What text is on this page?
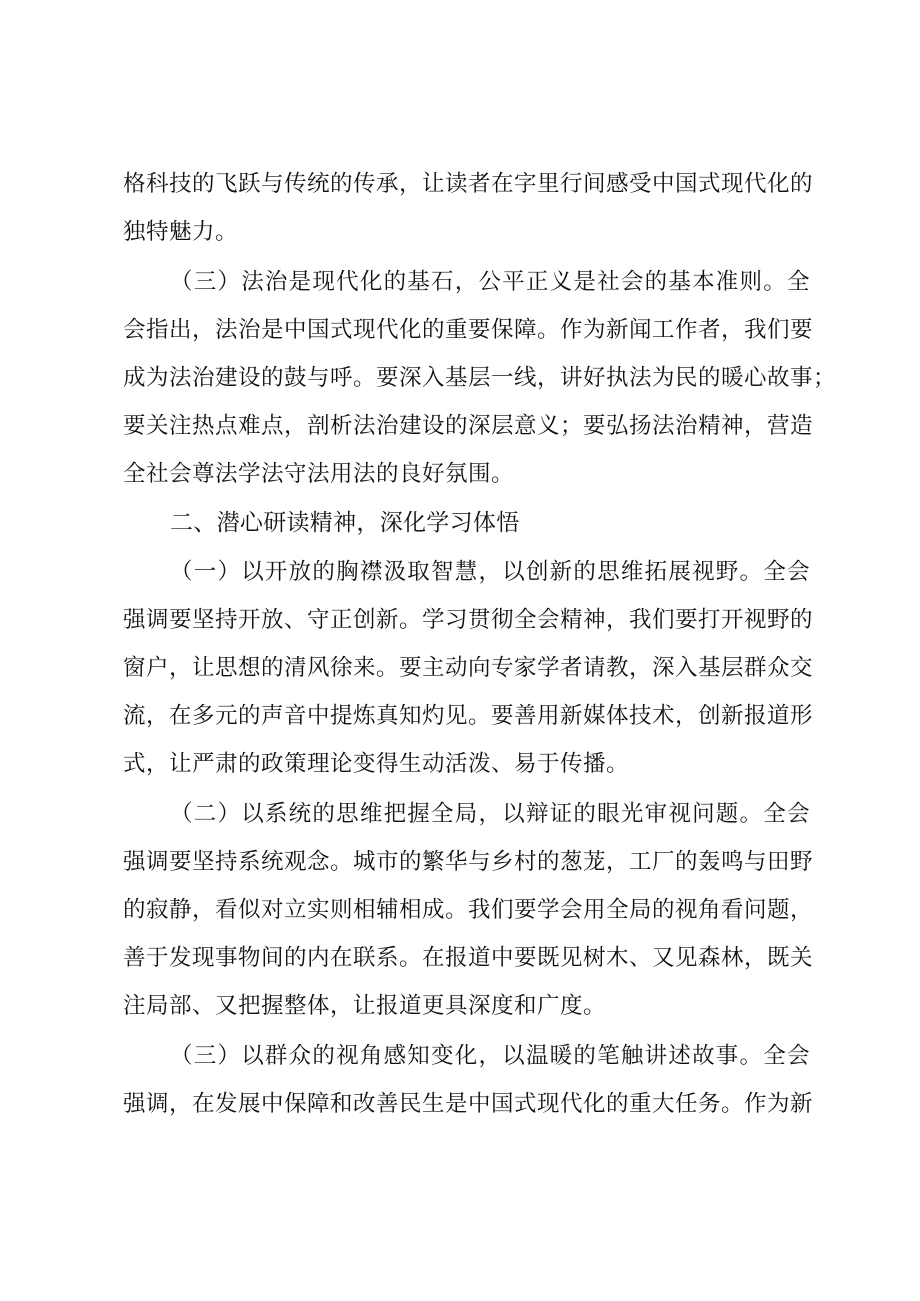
格科技的飞跃与传统的传承，让读者在字里行间感受中国式现代化的
独特魅力。
（三）法治是现代化的基石，公平正义是社会的基本准则。全
会指出，法治是中国式现代化的重要保障。作为新闻工作者，我们要
成为法治建设的鼓与呼。要深入基层一线，讲好执法为民的暖心故事；
要关注热点难点，剖析法治建设的深层意义；要弘扬法治精神，营造
全社会尊法学法守法用法的良好氛围。
二、潜心研读精神，深化学习体悟
（一）以开放的胸襟汲取智慧，以创新的思维拓展视野。全会
强调要坚持开放、守正创新。学习贯彻全会精神，我们要打开视野的
窗户，让思想的清风徐来。要主动向专家学者请教，深入基层群众交
流，在多元的声音中提炼真知灼见。要善用新媒体技术，创新报道形
式，让严肃的政策理论变得生动活泼、易于传播。
（二）以系统的思维把握全局，以辩证的眼光审视问题。全会
强调要坚持系统观念。城市的繁华与乡村的葱茏，工厂的轰鸣与田野
的寂静，看似对立实则相辅相成。我们要学会用全局的视角看问题，
善于发现事物间的内在联系。在报道中要既见树木、又见森林，既关
注局部、又把握整体，让报道更具深度和广度。
（三）以群众的视角感知变化，以温暖的笔触讲述故事。全会
强调，在发展中保障和改善民生是中国式现代化的重大任务。作为新
